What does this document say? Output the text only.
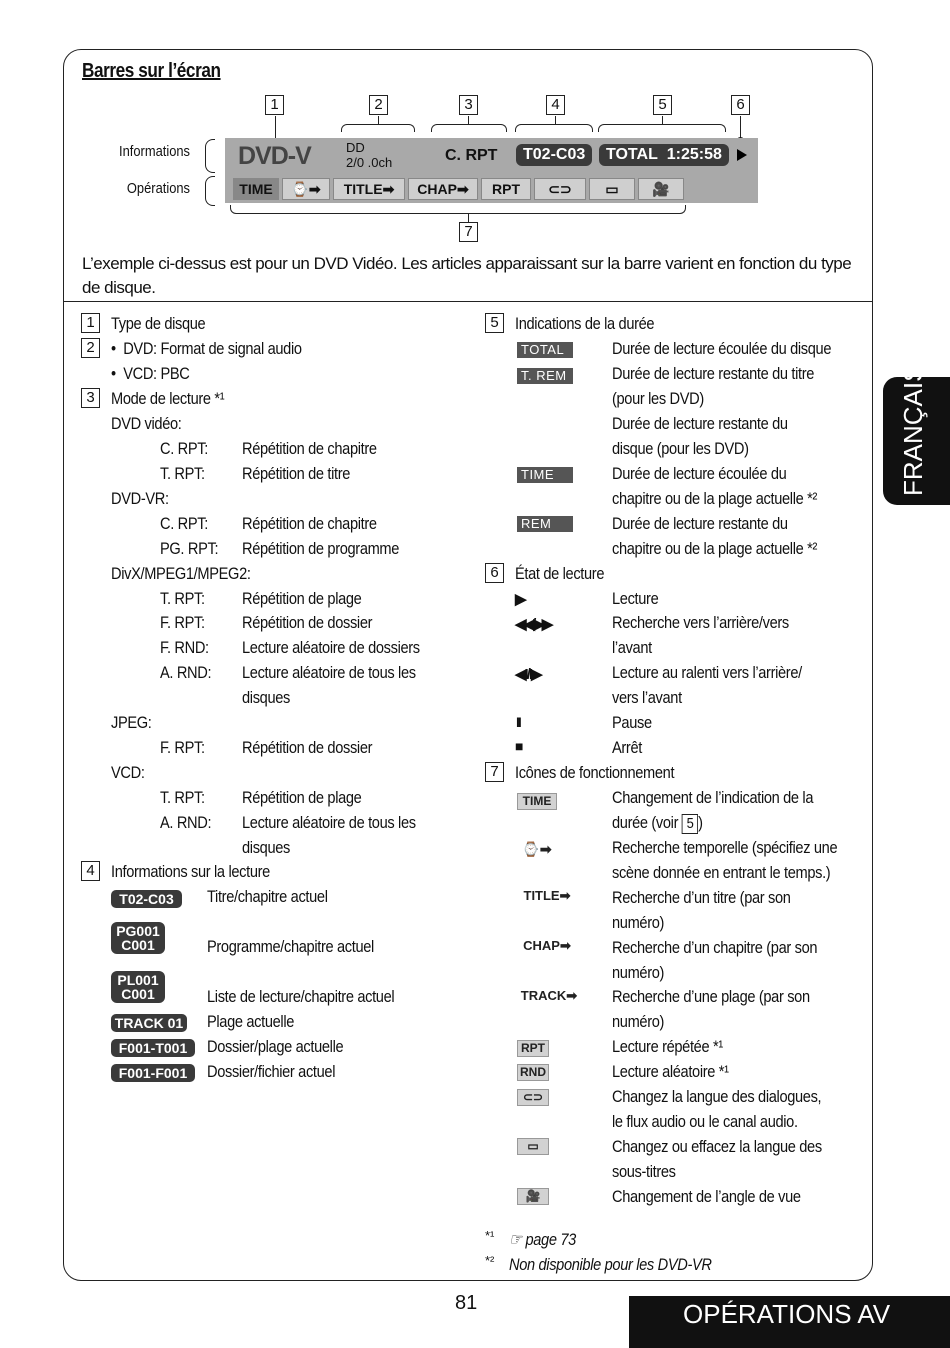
Barres sur l’écran
1	2	3	4	5	6
7
Informations
Opérations
DVD-V	DD
2/0 .0ch	C. RPT	T02-C03	TOTAL 1:25:58
TIME	⌚➡	TITLE➡	CHAP➡	RPT	⊂⊃	▭	🎥
L’exemple ci-dessus est pour un DVD Vidéo. Les articles apparaissant sur la barre varient en fonction du type de disque.
1 Type de disque
2 •  DVD: Format de signal audio
•  VCD: PBC
3 Mode de lecture *¹
DVD vidéo:
C. RPT: Répétition de chapitre
T. RPT: Répétition de titre
DVD-VR:
C. RPT: Répétition de chapitre
PG. RPT: Répétition de programme
DivX/MPEG1/MPEG2:
T. RPT: Répétition de plage
F. RPT: Répétition de dossier
F. RND: Lecture aléatoire de dossiers
A. RND: Lecture aléatoire de tous les
disques
JPEG:
F. RPT: Répétition de dossier
VCD:
T. RPT: Répétition de plage
A. RND: Lecture aléatoire de tous les
disques
4 Informations sur la lecture
T02-C03	Titre/chapitre actuel
PG001
C001	Programme/chapitre actuel
PL001
C001	Liste de lecture/chapitre actuel
TRACK 01 Plage actuelle
F001-T001	Dossier/plage actuelle
F001-F001	Dossier/fichier actuel
5 Indications de la durée
TOTAL	Durée de lecture écoulée du disque
T. REM	Durée de lecture restante du titre
(pour les DVD)
Durée de lecture restante du
disque (pour les DVD)
TIME	Durée de lecture écoulée du
chapitre ou de la plage actuelle *²
REM	Durée de lecture restante du
chapitre ou de la plage actuelle *²
6 État de lecture
▶	Lecture
◀◀/▶▶	Recherche vers l’arrière/vers
l’avant
◀I/I▶	Lecture au ralenti vers l’arrière/
vers l’avant
II	Pause
■	Arrêt
7 Icônes de fonctionnement
TIME	Changement de l’indication de la
durée (voir 5 )
⌚➡	Recherche temporelle (spécifiez une
scène donnée en entrant le temps.)
TITLE➡	Recherche d’un titre (par son
numéro)
CHAP➡	Recherche d’un chapitre (par son
numéro)
TRACK➡ Recherche d’une plage (par son
numéro)
RPT	Lecture répétée *¹
RND	Lecture aléatoire *¹
⊂⊃	Changez la langue des dialogues,
le flux audio ou le canal audio.
▭	Changez ou effacez la langue des
sous-titres
🎥	Changement de l’angle de vue
*¹ ☞ page 73
*² Non disponible pour les DVD-VR
FRANÇAIS
81	OPÉRATIONS AV
